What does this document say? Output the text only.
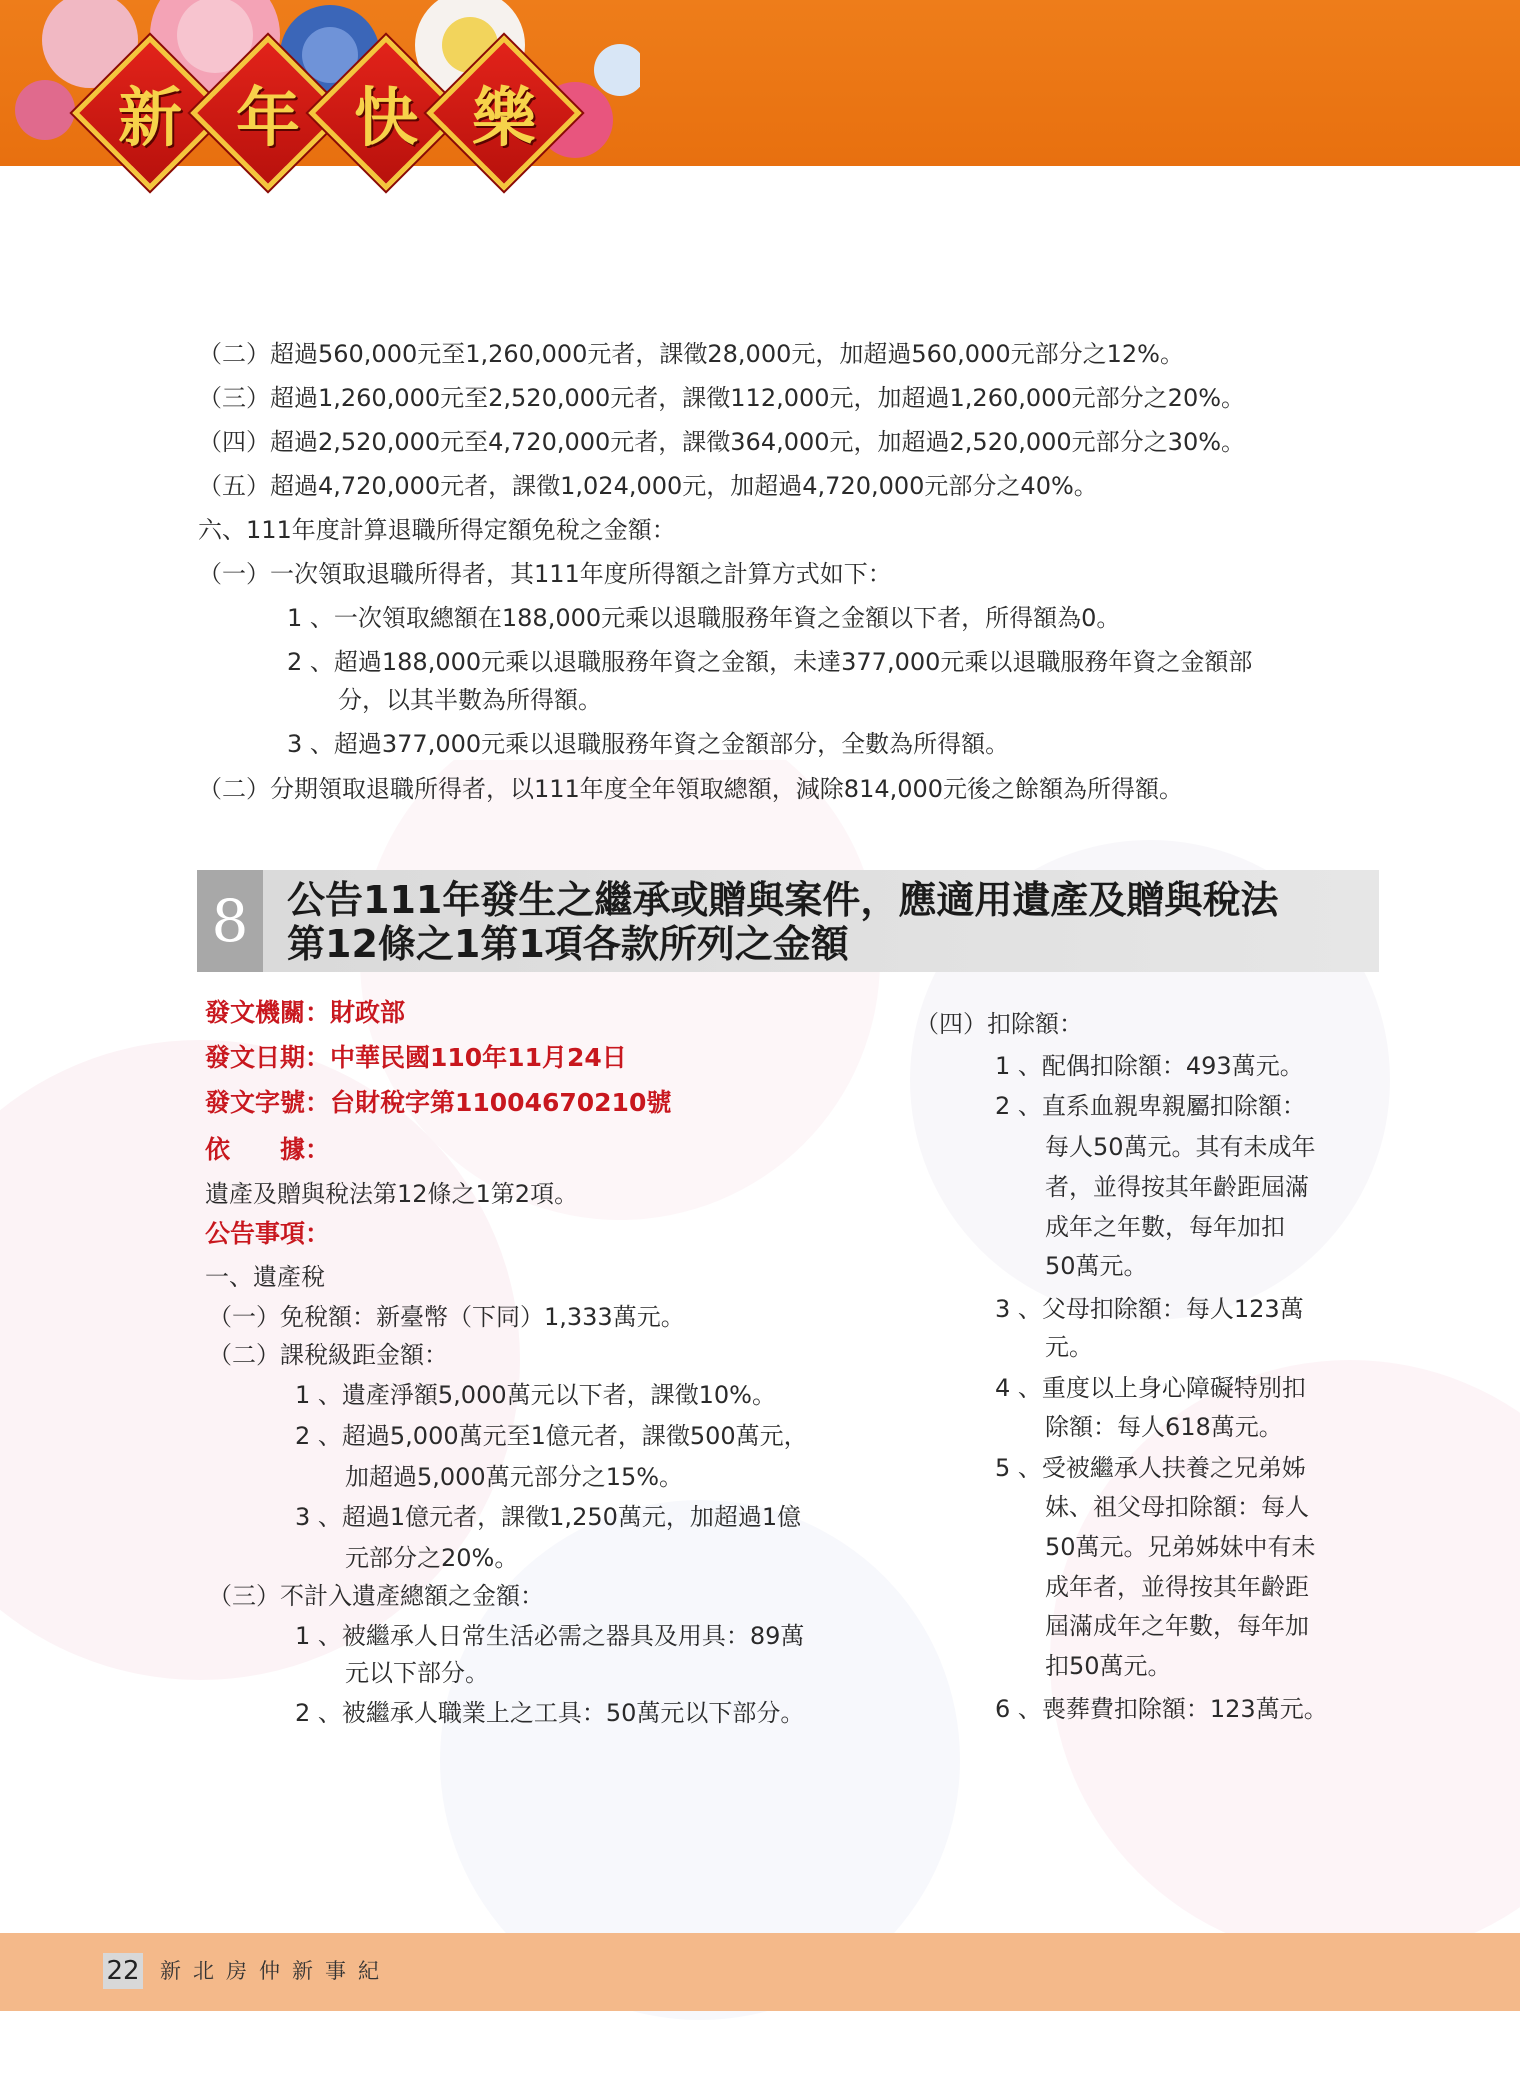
新 年 快 樂
（二）超過560,000元至1,260,000元者，課徵28,000元，加超過560,000元部分之12%。
（三）超過1,260,000元至2,520,000元者，課徵112,000元，加超過1,260,000元部分之20%。
（四）超過2,520,000元至4,720,000元者，課徵364,000元，加超過2,520,000元部分之30%。
（五）超過4,720,000元者，課徵1,024,000元，加超過4,720,000元部分之40%。
六、111年度計算退職所得定額免稅之金額：
（一）一次領取退職所得者，其111年度所得額之計算方式如下：
1 、一次領取總額在188,000元乘以退職服務年資之金額以下者，所得額為0。
2 、超過188,000元乘以退職服務年資之金額，未達377,000元乘以退職服務年資之金額部
分，以其半數為所得額。
3 、超過377,000元乘以退職服務年資之金額部分，全數為所得額。
（二）分期領取退職所得者，以111年度全年領取總額，減除814,000元後之餘額為所得額。
8	公告111年發生之繼承或贈與案件，應適用遺產及贈與稅法
第12條之1第1項各款所列之金額
發文機關：財政部
發文日期：中華民國110年11月24日
發文字號：台財稅字第11004670210號
依　　據：
遺產及贈與稅法第12條之1第2項。
公告事項：
一、遺產稅
（一）免稅額：新臺幣（下同）1,333萬元。
（二）課稅級距金額：
1 、遺產淨額5,000萬元以下者，課徵10%。
2 、超過5,000萬元至1億元者，課徵500萬元，
加超過5,000萬元部分之15%。
3 、超過1億元者，課徵1,250萬元，加超過1億
元部分之20%。
（三）不計入遺產總額之金額：
1 、被繼承人日常生活必需之器具及用具：89萬
元以下部分。
2 、被繼承人職業上之工具：50萬元以下部分。
（四）扣除額：
1 、配偶扣除額：493萬元。
2 、直系血親卑親屬扣除額：
每人50萬元。其有未成年
者，並得按其年齡距屆滿
成年之年數，每年加扣
50萬元。
3 、父母扣除額：每人123萬
元。
4 、重度以上身心障礙特別扣
除額：每人618萬元。
5 、受被繼承人扶養之兄弟姊
妹、祖父母扣除額：每人
50萬元。兄弟姊妹中有未
成年者，並得按其年齡距
屆滿成年之年數，每年加
扣50萬元。
6 、喪葬費扣除額：123萬元。
22 新北房仲新事紀
